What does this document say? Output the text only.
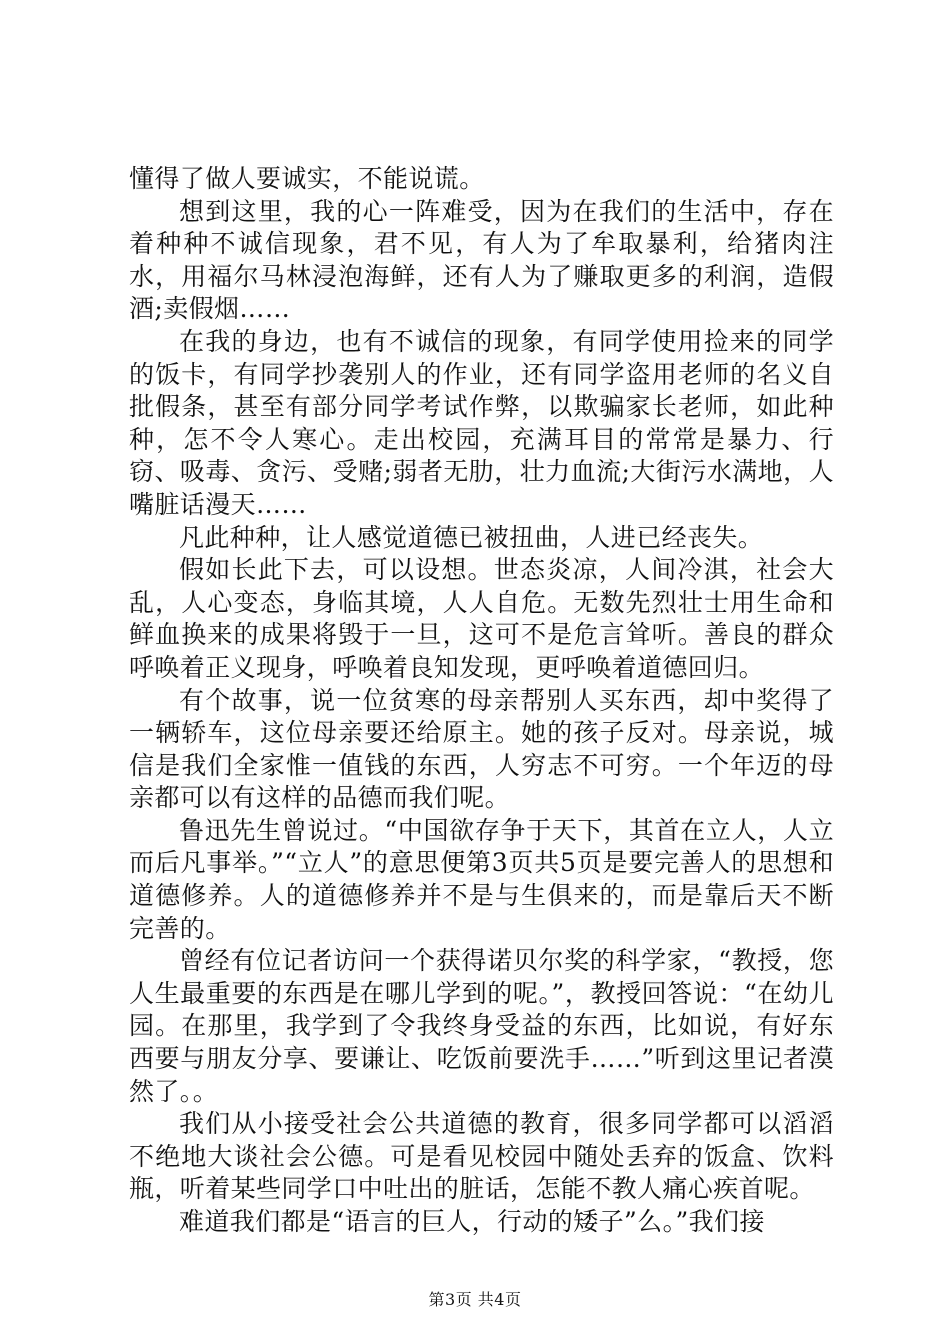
懂得了做人要诚实，不能说谎。

想到这里，我的心一阵难受，因为在我们的生活中，存在着种种不诚信现象，君不见，有人为了牟取暴利，给猪肉注水，用福尔马林浸泡海鲜，还有人为了赚取更多的利润，造假酒;卖假烟……

在我的身边，也有不诚信的现象，有同学使用捡来的同学的饭卡，有同学抄袭别人的作业，还有同学盗用老师的名义自批假条，甚至有部分同学考试作弊，以欺骗家长老师，如此种种，怎不令人寒心。走出校园，充满耳目的常常是暴力、行窃、吸毒、贪污、受赌;弱者无肋，壮力血流;大街污水满地，人嘴脏话漫天……

凡此种种，让人感觉道德已被扭曲，人进已经丧失。

假如长此下去，可以设想。世态炎凉，人间冷淇，社会大乱，人心变态，身临其境，人人自危。无数先烈壮士用生命和鲜血换来的成果将毁于一旦，这可不是危言耸听。善良的群众呼唤着正义现身，呼唤着良知发现，更呼唤着道德回归。

有个故事，说一位贫寒的母亲帮别人买东西，却中奖得了一辆轿车，这位母亲要还给原主。她的孩子反对。母亲说，城信是我们全家惟一值钱的东西，人穷志不可穷。一个年迈的母亲都可以有这样的品德而我们呢。

鲁迅先生曾说过。“中国欲存争于天下，其首在立人，人立而后凡事举。”“立人”的意思便第3页共5页是要完善人的思想和道德修养。人的道德修养并不是与生俱来的，而是靠后天不断完善的。

曾经有位记者访问一个获得诺贝尔奖的科学家，“教授，您人生最重要的东西是在哪儿学到的呢。”，教授回答说：“在幼儿园。在那里，我学到了令我终身受益的东西，比如说，有好东西要与朋友分享、要谦让、吃饭前要洗手……”听到这里记者漠然了。。

我们从小接受社会公共道德的教育，很多同学都可以滔滔不绝地大谈社会公德。可是看见校园中随处丢弃的饭盒、饮料瓶，听着某些同学口中吐出的脏话，怎能不教人痛心疾首呢。

难道我们都是“语言的巨人，行动的矮子”么。”我们接

第3页 共4页
